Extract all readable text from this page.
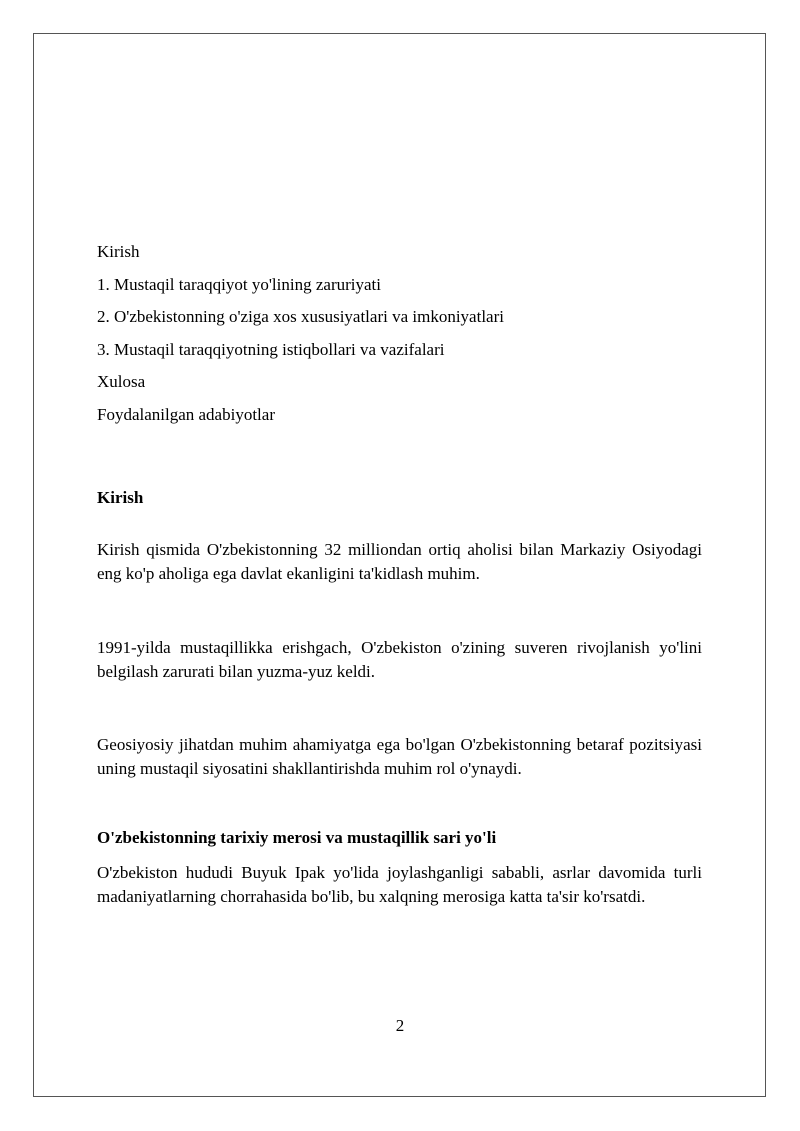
Kirish
1. Mustaqil taraqqiyot yo'lining zaruriyati
2. O'zbekistonning o'ziga xos xususiyatlari va imkoniyatlari
3. Mustaqil taraqqiyotning istiqbollari va vazifalari
Xulosa
Foydalanilgan adabiyotlar
Kirish

Kirish qismida O'zbekistonning 32 milliondan ortiq aholisi bilan Markaziy Osiyodagi eng ko'p aholiga ega davlat ekanligini ta'kidlash muhim.

1991-yilda mustaqillikka erishgach, O'zbekiston o'zining suveren rivojlanish yo'lini belgilash zarurati bilan yuzma-yuz keldi.

Geosiyosiy jihatdan muhim ahamiyatga ega bo'lgan O'zbekistonning betaraf pozitsiyasi uning mustaqil siyosatini shakllantirishda muhim rol o'ynaydi.

O'zbekistonning tarixiy merosi va mustaqillik sari yo'li

O'zbekiston hududi Buyuk Ipak yo'lida joylashganligi sababli, asrlar davomida turli madaniyatlarning chorrahasida bo'lib, bu xalqning merosiga katta ta'sir ko'rsatdi.

2
